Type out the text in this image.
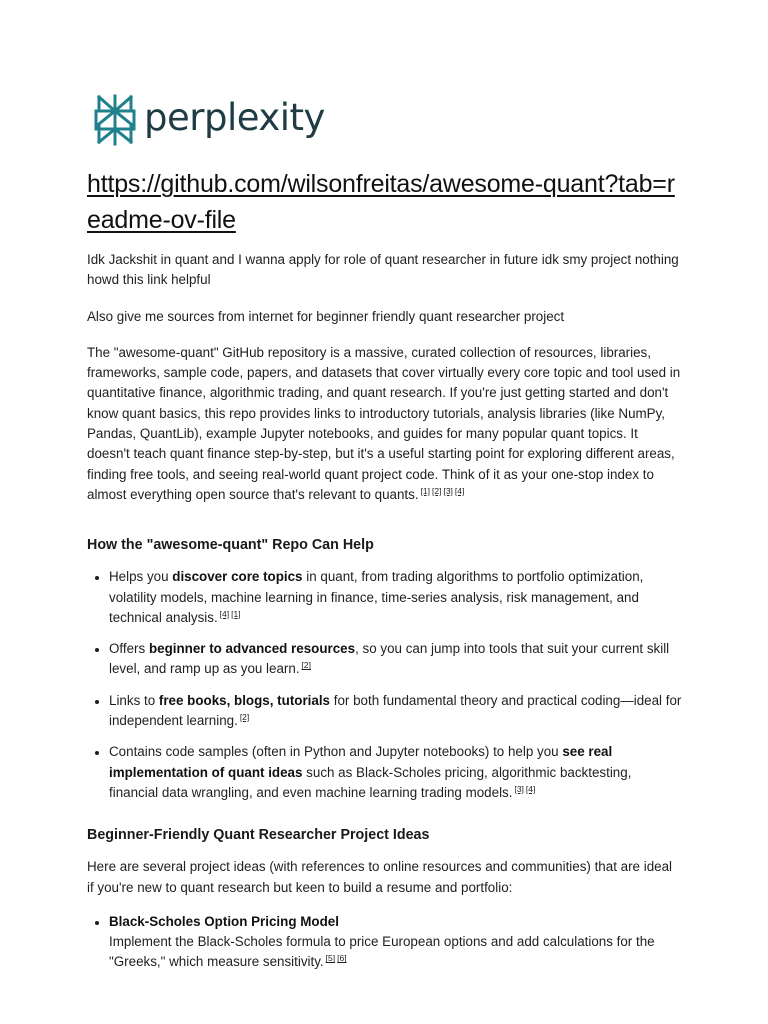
perplexity
https://github.com/wilsonfreitas/awesome-quant?tab=readme-ov-file

Idk Jackshit in quant and I wanna apply for role of quant researcher in future idk smy project nothing howd this link helpful

Also give me sources from internet for beginner friendly quant researcher project

The "awesome-quant" GitHub repository is a massive, curated collection of resources, libraries, frameworks, sample code, papers, and datasets that cover virtually every core topic and tool used in quantitative finance, algorithmic trading, and quant research. If you're just getting started and don't know quant basics, this repo provides links to introductory tutorials, analysis libraries (like NumPy, Pandas, QuantLib), example Jupyter notebooks, and guides for many popular quant topics. It doesn't teach quant finance step-by-step, but it's a useful starting point for exploring different areas, finding free tools, and seeing real-world quant project code. Think of it as your one-stop index to almost everything open source that's relevant to quants. [1] [2] [3] [4]

How the "awesome-quant" Repo Can Help
• Helps you discover core topics in quant, from trading algorithms to portfolio optimization, volatility models, machine learning in finance, time-series analysis, risk management, and technical analysis. [4] [1]
• Offers beginner to advanced resources, so you can jump into tools that suit your current skill level, and ramp up as you learn. [2]
• Links to free books, blogs, tutorials for both fundamental theory and practical coding—ideal for independent learning. [2]
• Contains code samples (often in Python and Jupyter notebooks) to help you see real implementation of quant ideas such as Black-Scholes pricing, algorithmic backtesting, financial data wrangling, and even machine learning trading models. [3] [4]
Beginner-Friendly Quant Researcher Project Ideas

Here are several project ideas (with references to online resources and communities) that are ideal if you're new to quant research but keen to build a resume and portfolio:

• Black-Scholes Option Pricing Model
Implement the Black-Scholes formula to price European options and add calculations for the "Greeks," which measure sensitivity. [5] [6]
